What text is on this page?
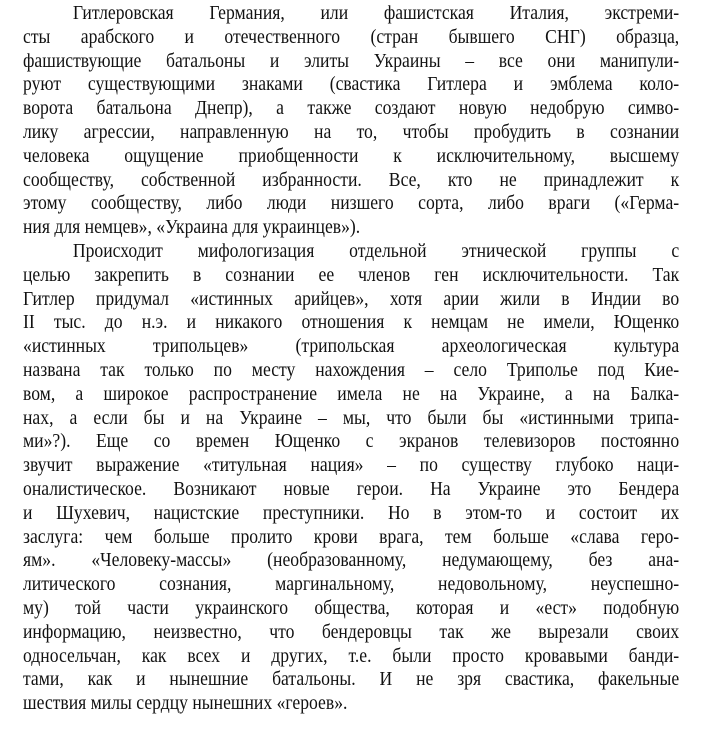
Гитлеровская Германия, или фашистская Италия, экстреми-
сты арабского и отечественного (стран бывшего СНГ) образца,
фашиствующие батальоны и элиты Украины – все они манипули-
руют существующими знаками (свастика Гитлера и эмблема коло-
ворота батальона Днепр), а также создают новую недобрую симво-
лику агрессии, направленную на то, чтобы пробудить в сознании
человека ощущение приобщенности к исключительному, высшему
сообществу, собственной избранности. Все, кто не принадлежит к
этому сообществу, либо люди низшего сорта, либо враги («Герма-
ния для немцев», «Украина для украинцев»).
Происходит мифологизация отдельной этнической группы с
целью закрепить в сознании ее членов ген исключительности. Так
Гитлер придумал «истинных арийцев», хотя арии жили в Индии во
II тыс. до н.э. и никакого отношения к немцам не имели, Ющенко
«истинных трипольцев» (трипольская археологическая культура
названа так только по месту нахождения – село Триполье под Кие-
вом, а широкое распространение имела не на Украине, а на Балка-
нах, а если бы и на Украине – мы, что были бы «истинными трипа-
ми»?). Еще со времен Ющенко с экранов телевизоров постоянно
звучит выражение «титульная нация» – по существу глубоко наци-
оналистическое. Возникают новые герои. На Украине это Бендера
и Шухевич, нацистские преступники. Но в этом-то и состоит их
заслуга: чем больше пролито крови врага, тем больше «слава геро-
ям». «Человеку-массы» (необразованному, недумающему, без ана-
литического сознания, маргинальному, недовольному, неуспешно-
му) той части украинского общества, которая и «ест» подобную
информацию, неизвестно, что бендеровцы так же вырезали своих
односельчан, как всех и других, т.е. были просто кровавыми банди-
тами, как и нынешние батальоны. И не зря свастика, факельные
шествия милы сердцу нынешних «героев».
